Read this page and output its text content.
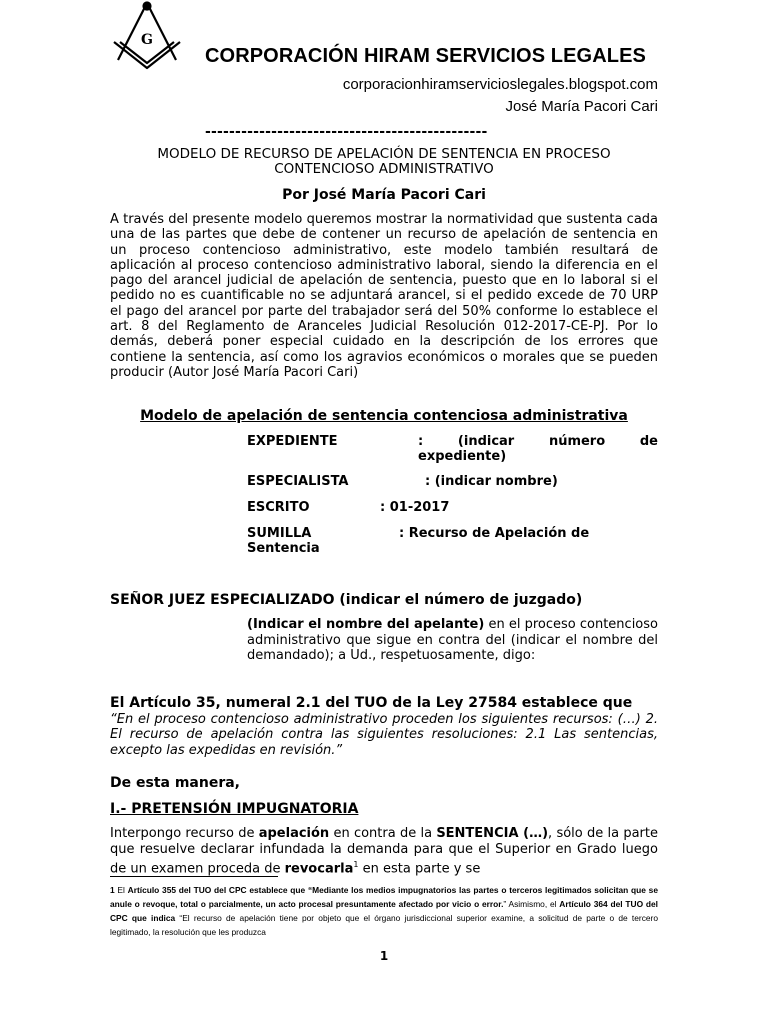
G
CORPORACIÓN HIRAM SERVICIOS LEGALES
corporacionhiramservicioslegales.blogspot.com
José María Pacori Cari
-----------------------------------------------
MODELO DE RECURSO DE APELACIÓN DE SENTENCIA EN PROCESO CONTENCIOSO ADMINISTRATIVO
Por José María Pacori Cari
A través del presente modelo queremos mostrar la normatividad que sustenta cada una de las partes que debe de contener un recurso de apelación de sentencia en un proceso contencioso administrativo, este modelo también resultará de aplicación al proceso contencioso administrativo laboral, siendo la diferencia en el pago del arancel judicial de apelación de sentencia, puesto que en lo laboral si el pedido no es cuantificable no se adjuntará arancel, si el pedido excede de 70 URP el pago del arancel por parte del trabajador será del 50% conforme lo establece el art. 8 del Reglamento de Aranceles Judicial Resolución 012-2017-CE-PJ. Por lo demás, deberá poner especial cuidado en la descripción de los errores que contiene la sentencia, así como los agravios económicos o morales que se pueden producir (Autor José María Pacori Cari)
Modelo de apelación de sentencia contenciosa administrativa
EXPEDIENTE	: (indicar número de expediente)
ESPECIALISTA	: (indicar nombre)
ESCRITO	: 01-2017
SUMILLA	: Recurso de Apelación de Sentencia
SEÑOR JUEZ ESPECIALIZADO (indicar el número de juzgado)
(Indicar el nombre del apelante) en el proceso contencioso administrativo que sigue en contra del (indicar el nombre del demandado); a Ud., respetuosamente, digo:
El Artículo 35, numeral 2.1 del TUO de la Ley 27584 establece que
“En el proceso contencioso administrativo proceden los siguientes recursos: (…) 2. El recurso de apelación contra las siguientes resoluciones: 2.1 Las sentencias, excepto las expedidas en revisión.”
De esta manera,
I.- PRETENSIÓN IMPUGNATORIA
Interpongo recurso de apelación en contra de la SENTENCIA (…), sólo de la parte que resuelve declarar infundada la demanda para que el Superior en Grado luego de un examen proceda de revocarla$^1$ en esta parte y se
1 El Artículo 355 del TUO del CPC establece que “Mediante los medios impugnatorios las partes o terceros legitimados solicitan que se anule o revoque, total o parcialmente, un acto procesal presuntamente afectado por vicio o error.” Asimismo, el Artículo 364 del TUO del CPC que indica “El recurso de apelación tiene por objeto que el órgano jurisdiccional superior examine, a solicitud de parte o de tercero legitimado, la resolución que les produzca
1
